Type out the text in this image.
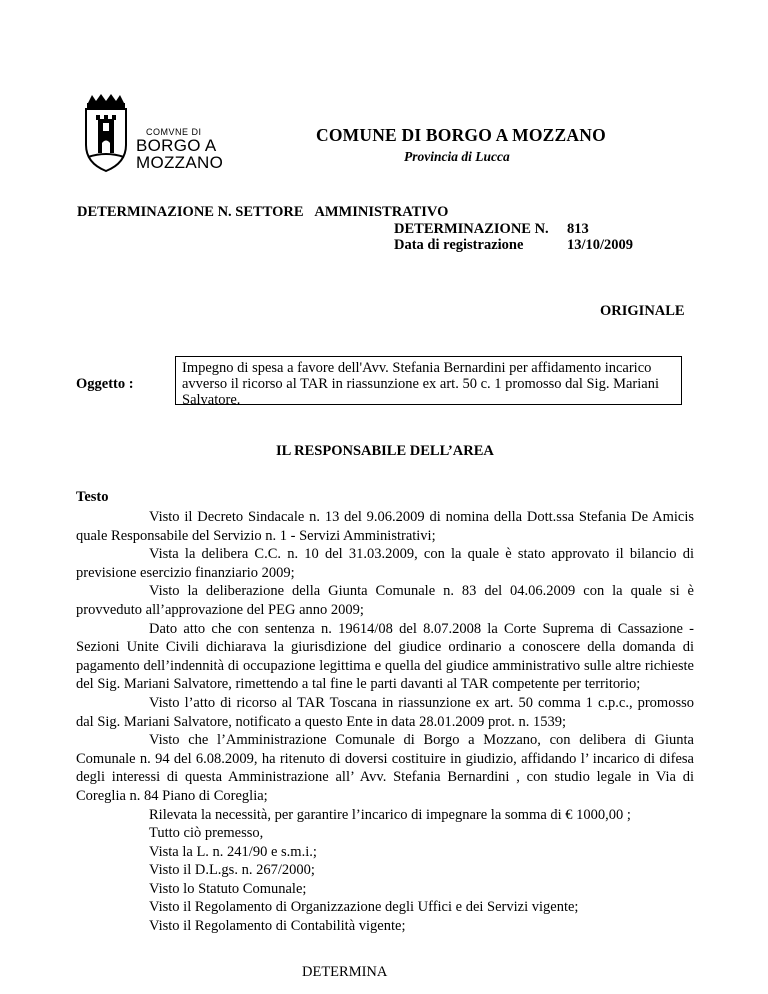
COMVNE DI
BORGO A
MOZZANO
COMUNE DI BORGO A MOZZANO
Provincia di Lucca
DETERMINAZIONE N. SETTORE AMMINISTRATIVO
DETERMINAZIONE N. 813
Data di registrazione	13/10/2009
ORIGINALE
Oggetto :
Impegno di spesa a favore dell'Avv. Stefania Bernardini per affidamento incarico avverso il ricorso al TAR in riassunzione ex art. 50 c. 1 promosso dal Sig. Mariani Salvatore.
IL RESPONSABILE DELL’AREA
Testo

Visto il Decreto Sindacale n. 13 del 9.06.2009 di nomina della Dott.ssa Stefania De Amicis quale Responsabile del Servizio n. 1 - Servizi Amministrativi;

Vista la delibera C.C. n. 10 del 31.03.2009, con la quale è stato approvato il bilancio di previsione esercizio finanziario 2009;

Visto la deliberazione della Giunta Comunale n. 83 del 04.06.2009 con la quale si è provveduto all’approvazione del PEG anno 2009;

Dato atto che con sentenza n. 19614/08 del 8.07.2008 la Corte Suprema di Cassazione - Sezioni Unite Civili dichiarava la giurisdizione del giudice ordinario a conoscere della domanda di pagamento dell’indennità di occupazione legittima e quella del giudice amministrativo sulle altre richieste del Sig. Mariani Salvatore, rimettendo a tal fine le parti davanti al TAR competente per territorio;

Visto l’atto di ricorso al TAR Toscana in riassunzione ex art. 50 comma 1 c.p.c., promosso dal Sig. Mariani Salvatore, notificato a questo Ente in data 28.01.2009 prot. n. 1539;

Visto che l’Amministrazione Comunale di Borgo a Mozzano, con delibera di Giunta Comunale n. 94 del 6.08.2009, ha ritenuto di doversi costituire in giudizio, affidando l’ incarico di difesa degli interessi di questa Amministrazione all’ Avv. Stefania Bernardini , con studio legale in Via di Coreglia n. 84 Piano di Coreglia;

Rilevata la necessità, per garantire l’incarico di impegnare la somma di € 1000,00 ;

Tutto ciò premesso,

Vista la L. n. 241/90 e s.m.i.;

Visto il D.L.gs. n. 267/2000;

Visto lo Statuto Comunale;

Visto il Regolamento di Organizzazione degli Uffici e dei Servizi vigente;

Visto il Regolamento di Contabilità vigente;

DETERMINA
